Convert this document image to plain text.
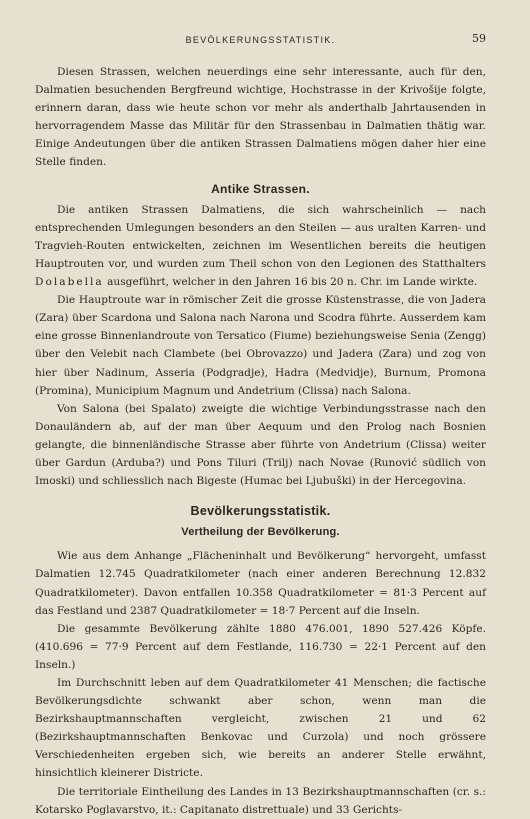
BEVÖLKERUNGSSTATISTIK.	59

Diesen Strassen, welchen neuerdings eine sehr interessante, auch für den, Dalmatien besuchenden Bergfreund wichtige, Hochstrasse in der Krivošije folgte, erinnern daran, dass wie heute schon vor mehr als anderthalb Jahrtausenden in hervorragendem Masse das Militär für den Strassenbau in Dalmatien thätig war. Einige Andeutungen über die antiken Strassen Dalmatiens mögen daher hier eine Stelle finden.

Antike Strassen.

Die antiken Strassen Dalmatiens, die sich wahrscheinlich — nach entsprechenden Umlegungen besonders an den Steilen — aus uralten Karren- und Tragvieh-Routen entwickelten, zeichnen im Wesentlichen bereits die heutigen Hauptrouten vor, und wurden zum Theil schon von den Legionen des Statthalters Dolabella ausgeführt, welcher in den Jahren 16 bis 20 n. Chr. im Lande wirkte.

Die Hauptroute war in römischer Zeit die grosse Küstenstrasse, die von Jadera (Zara) über Scardona und Salona nach Narona und Scodra führte. Ausserdem kam eine grosse Binnenlandroute von Tersatico (Fiume) beziehungsweise Senia (Zengg) über den Velebit nach Clambete (bei Obrovazzo) und Jadera (Zara) und zog von hier über Nadinum, Asseria (Podgradje), Hadra (Medvidje), Burnum, Promona (Promina), Municipium Magnum und Andetrium (Clissa) nach Salona.

Von Salona (bei Spalato) zweigte die wichtige Verbindungsstrasse nach den Donauländern ab, auf der man über Aequum und den Prolog nach Bosnien gelangte, die binnenländische Strasse aber führte von Andetrium (Clissa) weiter über Gardun (Arduba?) und Pons Tiluri (Trilj) nach Novae (Runović südlich von Imoski) und schliesslich nach Bigeste (Humac bei Ljubuški) in der Hercegovina.

Bevölkerungsstatistik.
Vertheilung der Bevölkerung.

Wie aus dem Anhange „Flächeninhalt und Bevölkerung“ hervorgeht, umfasst Dalmatien 12.745 Quadratkilometer (nach einer anderen Berechnung 12.832 Quadratkilometer). Davon entfallen 10.358 Quadratkilometer = 81·3 Percent auf das Festland und 2387 Quadratkilometer = 18·7 Percent auf die Inseln.

Die gesammte Bevölkerung zählte 1880 476.001, 1890 527.426 Köpfe. (410.696 = 77·9 Percent auf dem Festlande, 116.730 = 22·1 Percent auf den Inseln.)

Im Durchschnitt leben auf dem Quadratkilometer 41 Menschen; die factische Bevölkerungsdichte schwankt aber schon, wenn man die Bezirkshauptmannschaften vergleicht, zwischen 21 und 62 (Bezirkshauptmannschaften Benkovac und Curzola) und noch grössere Verschiedenheiten ergeben sich, wie bereits an anderer Stelle erwähnt, hinsichtlich kleinerer Districte.

Die territoriale Eintheilung des Landes in 13 Bezirkshauptmannschaften (cr. s.: Kotarsko Poglavarstvo, it.: Capitanato distrettuale) und 33 Gerichts-
